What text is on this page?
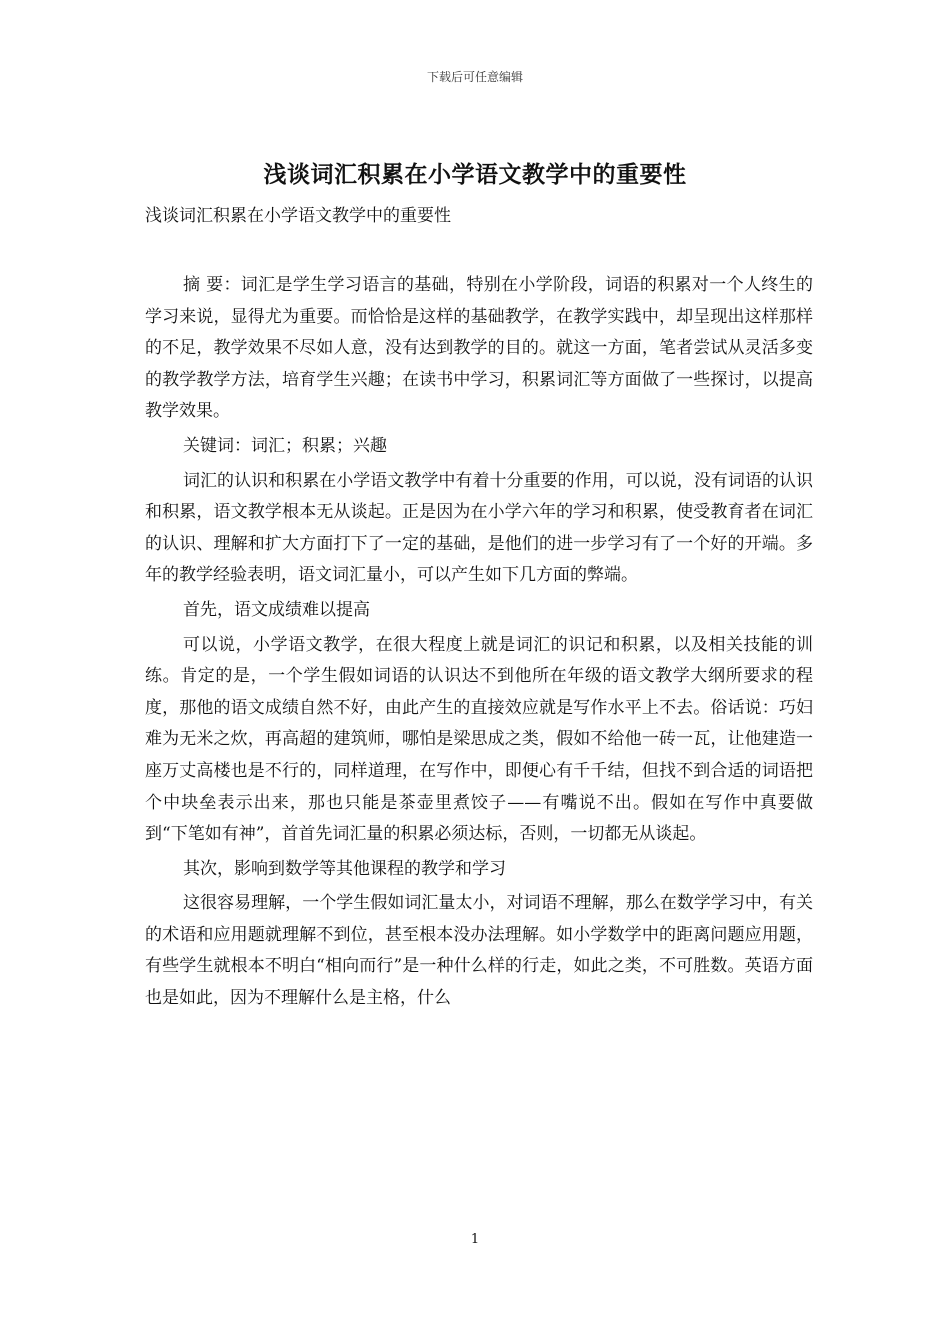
下载后可任意编辑
浅谈词汇积累在小学语文教学中的重要性
浅谈词汇积累在小学语文教学中的重要性

摘 要：词汇是学生学习语言的基础，特别在小学阶段，词语的积累对一个人终生的学习来说，显得尤为重要。而恰恰是这样的基础教学，在教学实践中，却呈现出这样那样的不足，教学效果不尽如人意，没有达到教学的目的。就这一方面，笔者尝试从灵活多变的教学教学方法，培育学生兴趣；在读书中学习，积累词汇等方面做了一些探讨，以提高教学效果。

关键词：词汇；积累；兴趣

词汇的认识和积累在小学语文教学中有着十分重要的作用，可以说，没有词语的认识和积累，语文教学根本无从谈起。正是因为在小学六年的学习和积累，使受教育者在词汇的认识、理解和扩大方面打下了一定的基础，是他们的进一步学习有了一个好的开端。多年的教学经验表明，语文词汇量小，可以产生如下几方面的弊端。

首先，语文成绩难以提高

可以说，小学语文教学，在很大程度上就是词汇的识记和积累，以及相关技能的训练。肯定的是，一个学生假如词语的认识达不到他所在年级的语文教学大纲所要求的程度，那他的语文成绩自然不好，由此产生的直接效应就是写作水平上不去。俗话说：巧妇难为无米之炊，再高超的建筑师，哪怕是梁思成之类，假如不给他一砖一瓦，让他建造一座万丈高楼也是不行的，同样道理，在写作中，即便心有千千结，但找不到合适的词语把个中块垒表示出来，那也只能是茶壶里煮饺子——有嘴说不出。假如在写作中真要做到“下笔如有神”，首首先词汇量的积累必须达标，否则，一切都无从谈起。

其次，影响到数学等其他课程的教学和学习

这很容易理解，一个学生假如词汇量太小，对词语不理解，那么在数学学习中，有关的术语和应用题就理解不到位，甚至根本没办法理解。如小学数学中的距离问题应用题，有些学生就根本不明白“相向而行”是一种什么样的行走，如此之类，不可胜数。英语方面也是如此，因为不理解什么是主格，什么

1
